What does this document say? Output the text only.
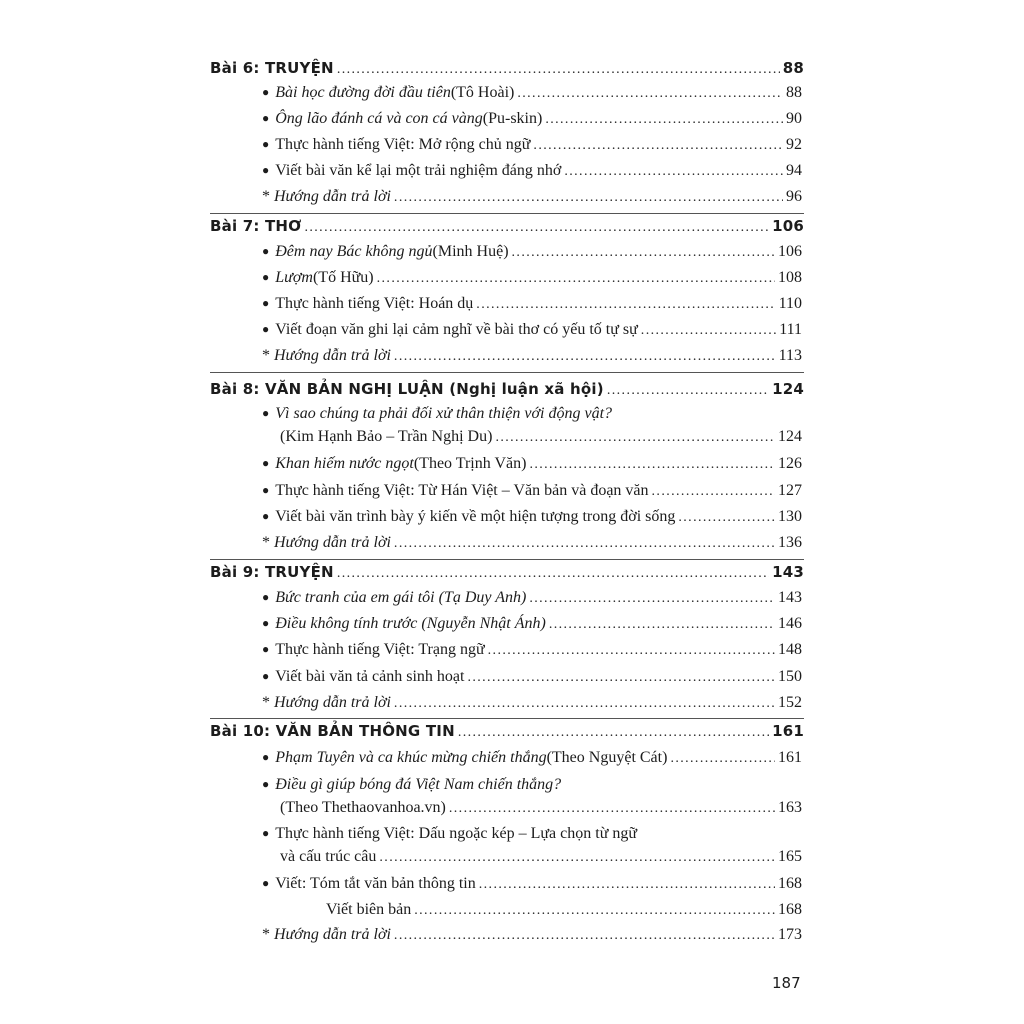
Bài 6: TRUYỆN .....	88
● Bài học đường đời đầu tiên (Tô Hoài) .....	88
● Ông lão đánh cá và con cá vàng (Pu-skin) .....	90
● Thực hành tiếng Việt: Mở rộng chủ ngữ .....	92
● Viết bài văn kể lại một trải nghiệm đáng nhớ .....	94
* Hướng dẫn trả lời .....	96
Bài 7: THƠ .....	106
● Đêm nay Bác không ngủ (Minh Huệ) .....	106
● Lượm (Tố Hữu) .....	108
● Thực hành tiếng Việt: Hoán dụ .....	110
● Viết đoạn văn ghi lại cảm nghĩ về bài thơ có yếu tố tự sự .....	111
* Hướng dẫn trả lời .....	113
Bài 8: VĂN BẢN NGHỊ LUẬN (Nghị luận xã hội) .....	124
● Vì sao chúng ta phải đối xử thân thiện với động vật?
(Kim Hạnh Bảo – Trần Nghị Du) .....	124
● Khan hiếm nước ngọt (Theo Trịnh Văn) .....	126
● Thực hành tiếng Việt: Từ Hán Việt – Văn bản và đoạn văn .....	127
● Viết bài văn trình bày ý kiến về một hiện tượng trong đời sống .....	130
* Hướng dẫn trả lời .....	136
Bài 9: TRUYỆN .....	143
● Bức tranh của em gái tôi (Tạ Duy Anh) .....	143
● Điều không tính trước (Nguyễn Nhật Ánh) .....	146
● Thực hành tiếng Việt: Trạng ngữ .....	148
● Viết bài văn tả cảnh sinh hoạt .....	150
* Hướng dẫn trả lời .....	152
Bài 10: VĂN BẢN THÔNG TIN .....	161
● Phạm Tuyên và ca khúc mừng chiến thắng (Theo Nguyệt Cát) .....	161
● Điều gì giúp bóng đá Việt Nam chiến thắng?
(Theo Thethaovanhoa.vn) .....	163
● Thực hành tiếng Việt: Dấu ngoặc kép – Lựa chọn từ ngữ
và cấu trúc câu .....	165
● Viết: Tóm tắt văn bản thông tin .....	168
Viết biên bản .....	168
* Hướng dẫn trả lời .....	173
187
